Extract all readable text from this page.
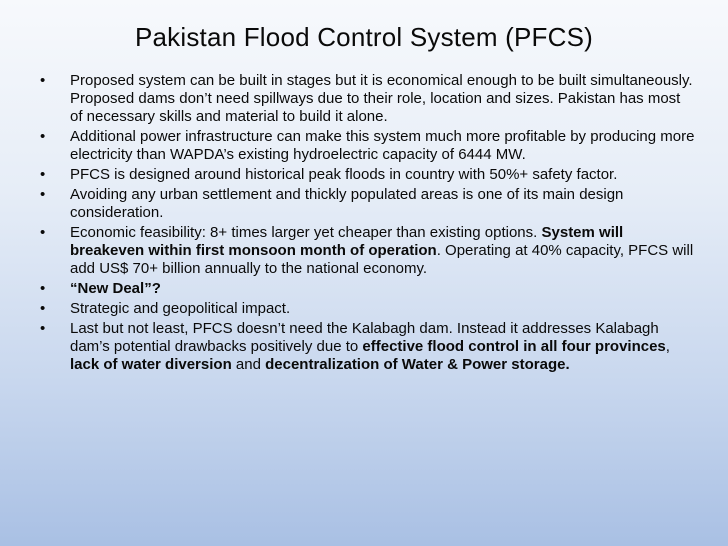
Pakistan Flood Control System (PFCS)
• Proposed system can be built in stages but it is economical enough to be built simultaneously. Proposed dams don’t need spillways due to their role, location and sizes. Pakistan has most of necessary skills and material to build it alone.
• Additional power infrastructure can make this system much more profitable by producing more electricity than WAPDA’s existing hydroelectric capacity of 6444 MW.
• PFCS is designed around historical peak floods in country with 50%+ safety factor.
• Avoiding any urban settlement and thickly populated areas is one of its main design consideration.
• Economic feasibility: 8+ times larger yet cheaper than existing options. System will breakeven within first monsoon month of operation. Operating at 40% capacity, PFCS will add US$ 70+ billion annually to the national economy.
• “New Deal”?
• Strategic and geopolitical impact.
• Last but not least, PFCS doesn’t need the Kalabagh dam. Instead it addresses Kalabagh dam’s potential drawbacks positively due to effective flood control in all four provinces, lack of water diversion and decentralization of Water & Power storage.
